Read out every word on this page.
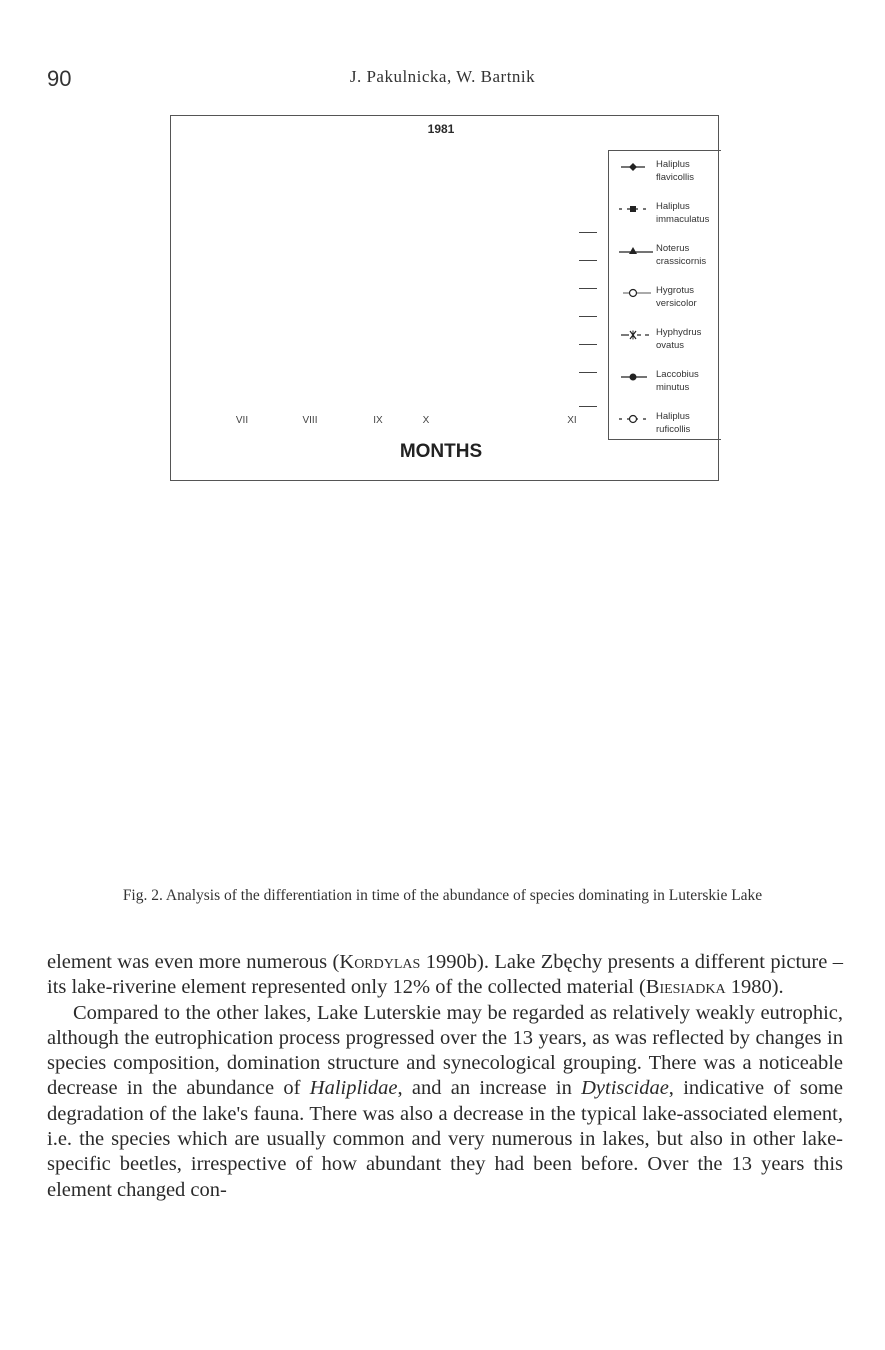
90	J. Pakulnicka, W. Bartnik
1981
VII	VIII	IX	X	XI
MONTHS
Haliplus
flavicollis
Haliplus
immaculatus
Noterus
crassicornis
Hygrotus
versicolor
Hyphydrus
ovatus
Laccobius
minutus
Haliplus
ruficollis
Fig. 2. Analysis of the differentiation in time of the abundance of species dominating in Luterskie Lake

element was even more numerous (Kordylas 1990b). Lake Zbęchy presents a different picture – its lake-riverine element represented only 12% of the collected material (Biesiadka 1980).

Compared to the other lakes, Lake Luterskie may be regarded as relatively weakly eutrophic, although the eutrophication process progressed over the 13 years, as was reflected by changes in species composition, domination structure and synecological grouping. There was a noticeable decrease in the abundance of Haliplidae, and an increase in Dytiscidae, indicative of some degradation of the lake's fauna. There was also a decrease in the typical lake-associated element, i.e. the species which are usually common and very numerous in lakes, but also in other lake-specific beetles, irrespective of how abundant they had been before. Over the 13 years this element changed con-
